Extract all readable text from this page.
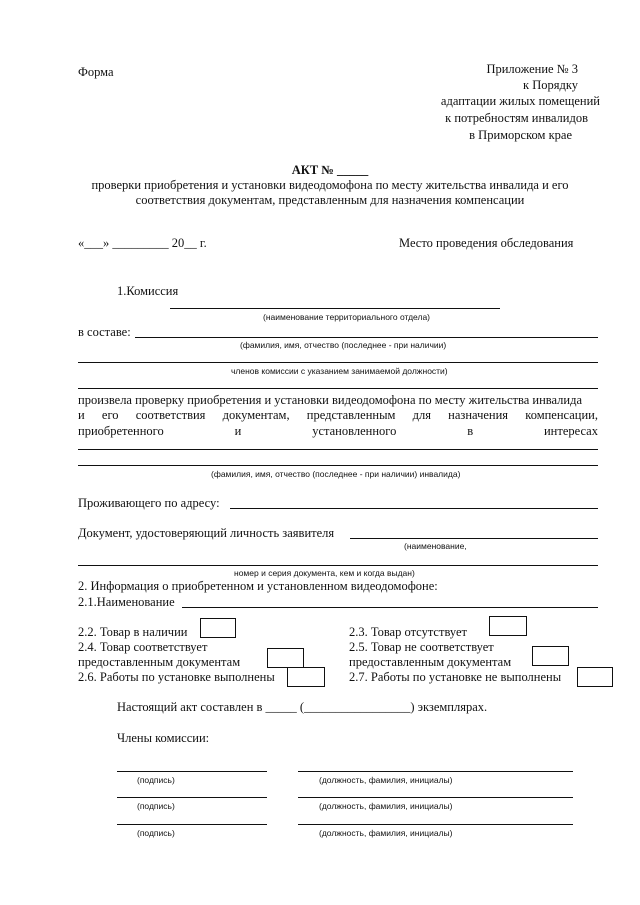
Форма	Приложение № 3
к Порядку
адаптации жилых помещений
к потребностям инвалидов
в Приморском крае
АКТ № _____
проверки приобретения и установки видеодомофона по месту жительства инвалида и его
соответствия документам, представленным для назначения компенсации
«___» _________ 20__ г.	Место проведения обследования
1.Комиссия
(наименование территориального отдела)
в составе:
(фамилия, имя, отчество (последнее - при наличии)
членов комиссии с указанием занимаемой должности)
произвела проверку приобретения и установки видеодомофона по месту жительства инвалида
и его соответствия документам, представленным для назначения компенсации,
приобретенного	и	установленного	в	интересах
(фамилия, имя, отчество (последнее - при наличии) инвалида)
Проживающего по адресу:
Документ, удостоверяющий личность заявителя
(наименование,
номер и серия документа, кем и когда выдан)
2. Информация о приобретенном и установленном видеодомофоне:
2.1.Наименование
2.2. Товар в наличии	2.3. Товар отсутствует
2.4. Товар соответствует
предоставленным документам
2.5. Товар не соответствует
предоставленным документам
2.6. Работы по установке выполнены	2.7. Работы по установке не выполнены
Настоящий акт составлен в _____ (_________________) экземплярах.
Члены комиссии:
(подпись)	(должность, фамилия, инициалы)
(подпись)	(должность, фамилия, инициалы)
(подпись)	(должность, фамилия, инициалы)
